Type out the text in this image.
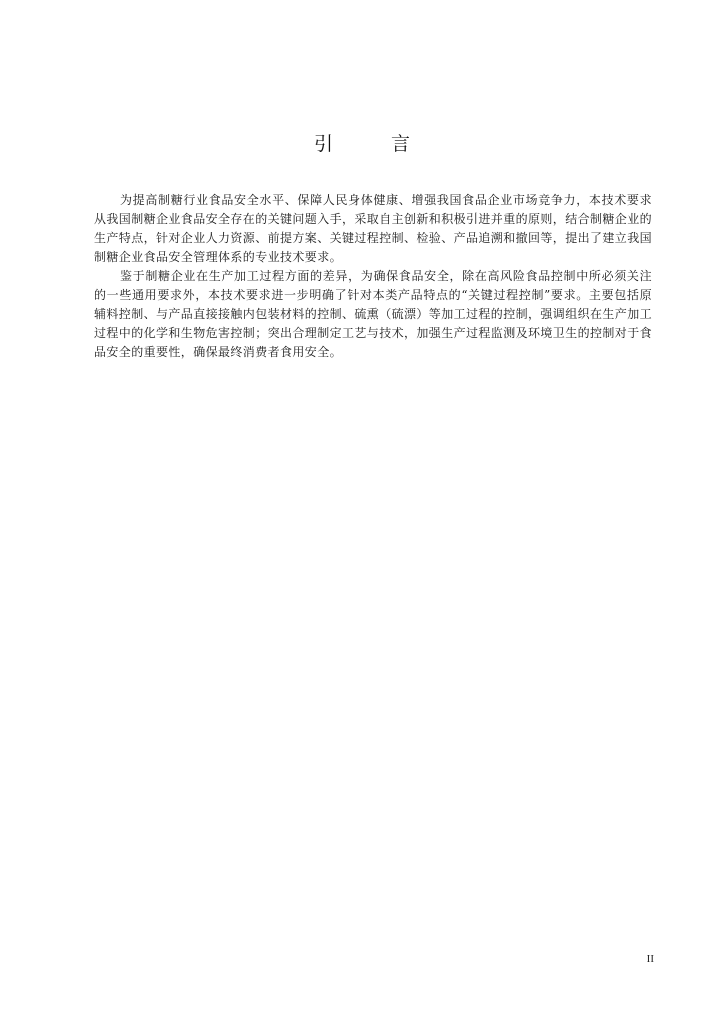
引 言

为提高制糖行业食品安全水平、保障人民身体健康、增强我国食品企业市场竞争力，本技术要求从我国制糖企业食品安全存在的关键问题入手，采取自主创新和积极引进并重的原则，结合制糖企业的生产特点，针对企业人力资源、前提方案、关键过程控制、检验、产品追溯和撤回等，提出了建立我国制糖企业食品安全管理体系的专业技术要求。

鉴于制糖企业在生产加工过程方面的差异，为确保食品安全，除在高风险食品控制中所必须关注的一些通用要求外，本技术要求进一步明确了针对本类产品特点的“关键过程控制”要求。主要包括原辅料控制、与产品直接接触内包装材料的控制、硫熏（硫漂）等加工过程的控制，强调组织在生产加工过程中的化学和生物危害控制；突出合理制定工艺与技术，加强生产过程监测及环境卫生的控制对于食品安全的重要性，确保最终消费者食用安全。

II
